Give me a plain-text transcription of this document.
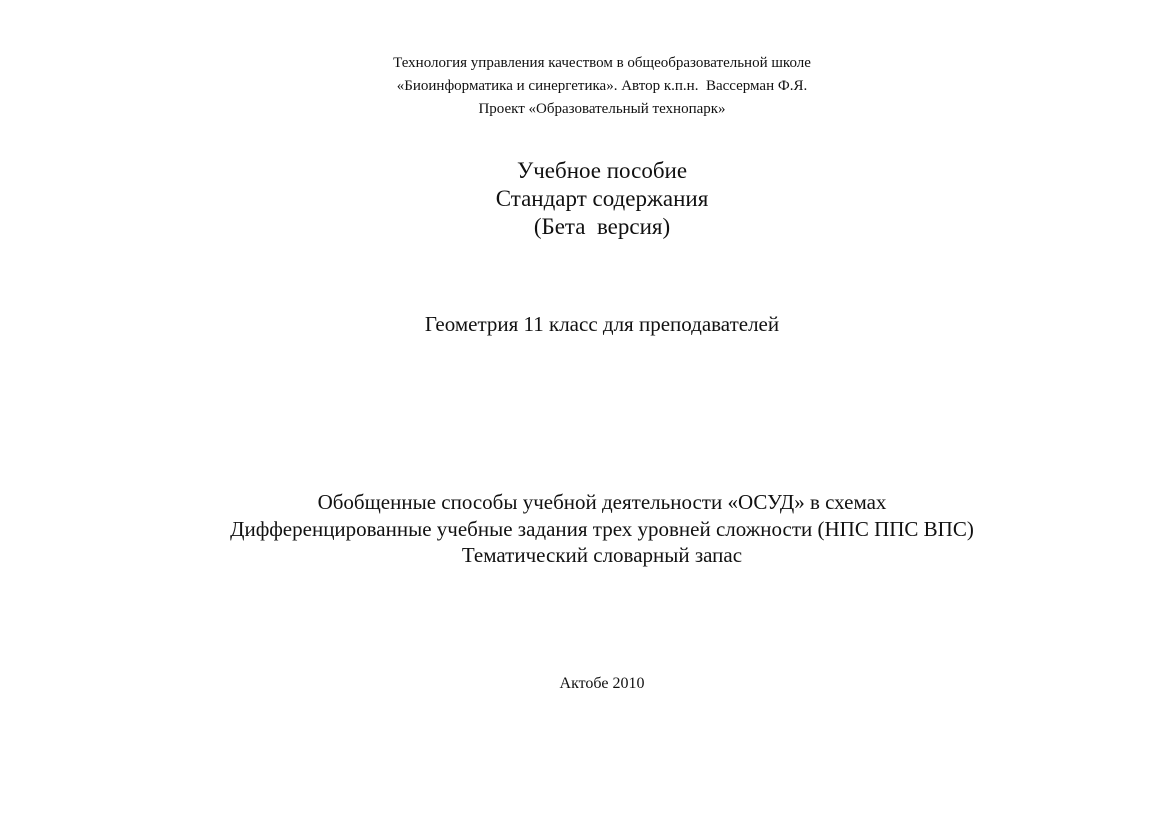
Технология управления качеством в общеобразовательной школе
«Биоинформатика и синергетика». Автор к.п.н.  Вассерман Ф.Я.
Проект «Образовательный технопарк»
Учебное пособие
Стандарт содержания
(Бета  версия)
Геометрия 11 класс для преподавателей
Обобщенные способы учебной деятельности «ОСУД» в схемах
Дифференцированные учебные задания трех уровней сложности (НПС ППС ВПС)
Тематический словарный запас
Актобе 2010
